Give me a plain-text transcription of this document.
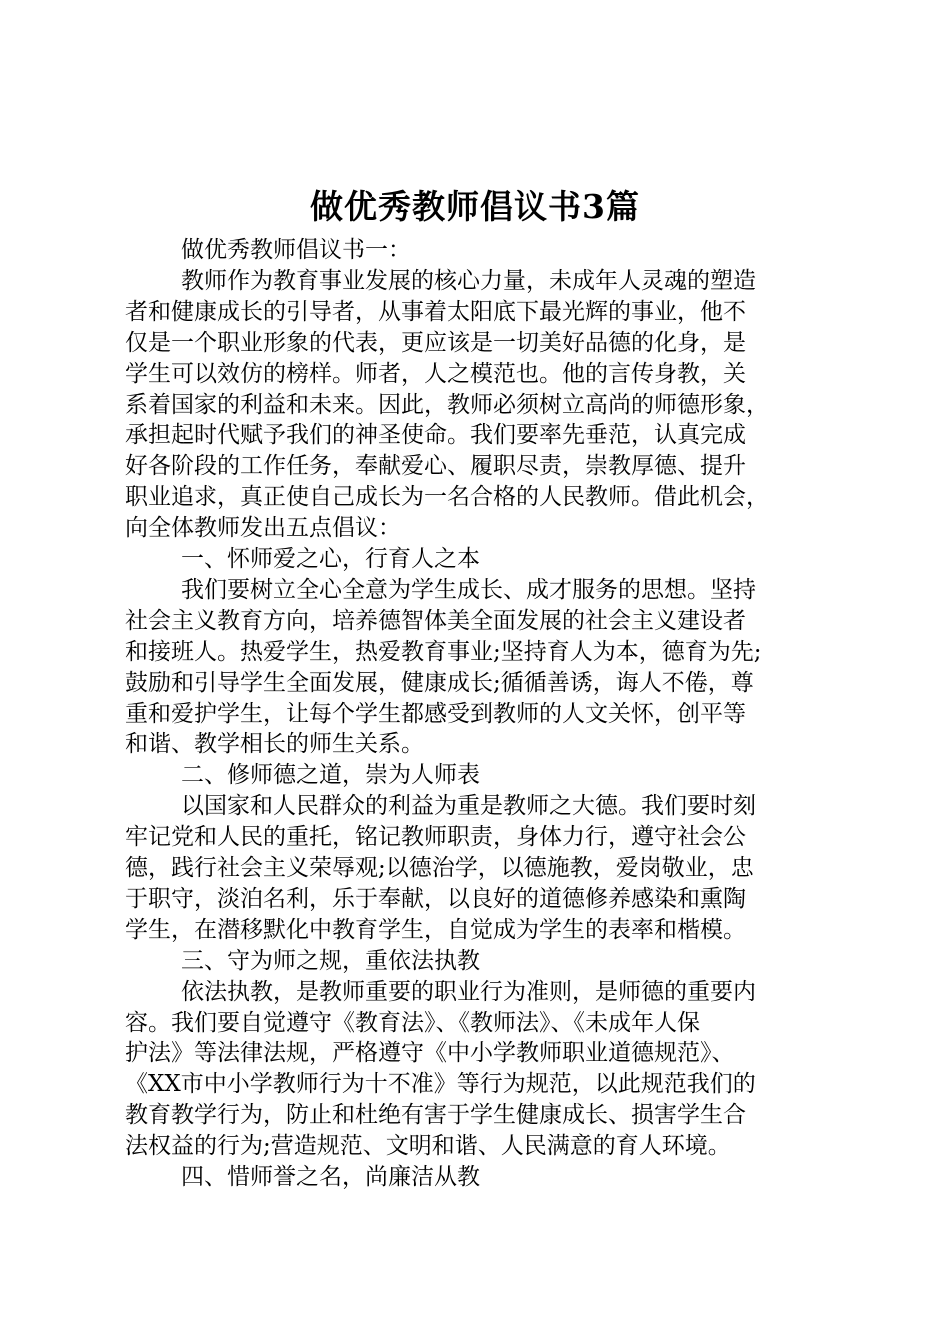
做优秀教师倡议书3篇

做优秀教师倡议书一：

教师作为教育事业发展的核心力量，未成年人灵魂的塑造

者和健康成长的引导者，从事着太阳底下最光辉的事业，他不

仅是一个职业形象的代表，更应该是一切美好品德的化身，是

学生可以效仿的榜样。师者，人之模范也。他的言传身教，关

系着国家的利益和未来。因此，教师必须树立高尚的师德形象，

承担起时代赋予我们的神圣使命。我们要率先垂范，认真完成

好各阶段的工作任务，奉献爱心、履职尽责，崇教厚德、提升

职业追求，真正使自己成长为一名合格的人民教师。借此机会，

向全体教师发出五点倡议：

一、怀师爱之心，行育人之本

我们要树立全心全意为学生成长、成才服务的思想。坚持

社会主义教育方向，培养德智体美全面发展的社会主义建设者

和接班人。热爱学生，热爱教育事业;坚持育人为本，德育为先;

鼓励和引导学生全面发展，健康成长;循循善诱，诲人不倦，尊

重和爱护学生，让每个学生都感受到教师的人文关怀，创平等

和谐、教学相长的师生关系。

二、修师德之道，崇为人师表

以国家和人民群众的利益为重是教师之大德。我们要时刻

牢记党和人民的重托，铭记教师职责，身体力行，遵守社会公

德，践行社会主义荣辱观;以德治学，以德施教，爱岗敬业，忠

于职守，淡泊名利，乐于奉献，以良好的道德修养感染和熏陶

学生，在潜移默化中教育学生，自觉成为学生的表率和楷模。

三、守为师之规，重依法执教

依法执教，是教师重要的职业行为准则，是师德的重要内

容。我们要自觉遵守《教育法》、《教师法》、《未成年人保

护法》等法律法规，严格遵守《中小学教师职业道德规范》、

《XX市中小学教师行为十不准》等行为规范，以此规范我们的

教育教学行为，防止和杜绝有害于学生健康成长、损害学生合

法权益的行为;营造规范、文明和谐、人民满意的育人环境。

四、惜师誉之名，尚廉洁从教
